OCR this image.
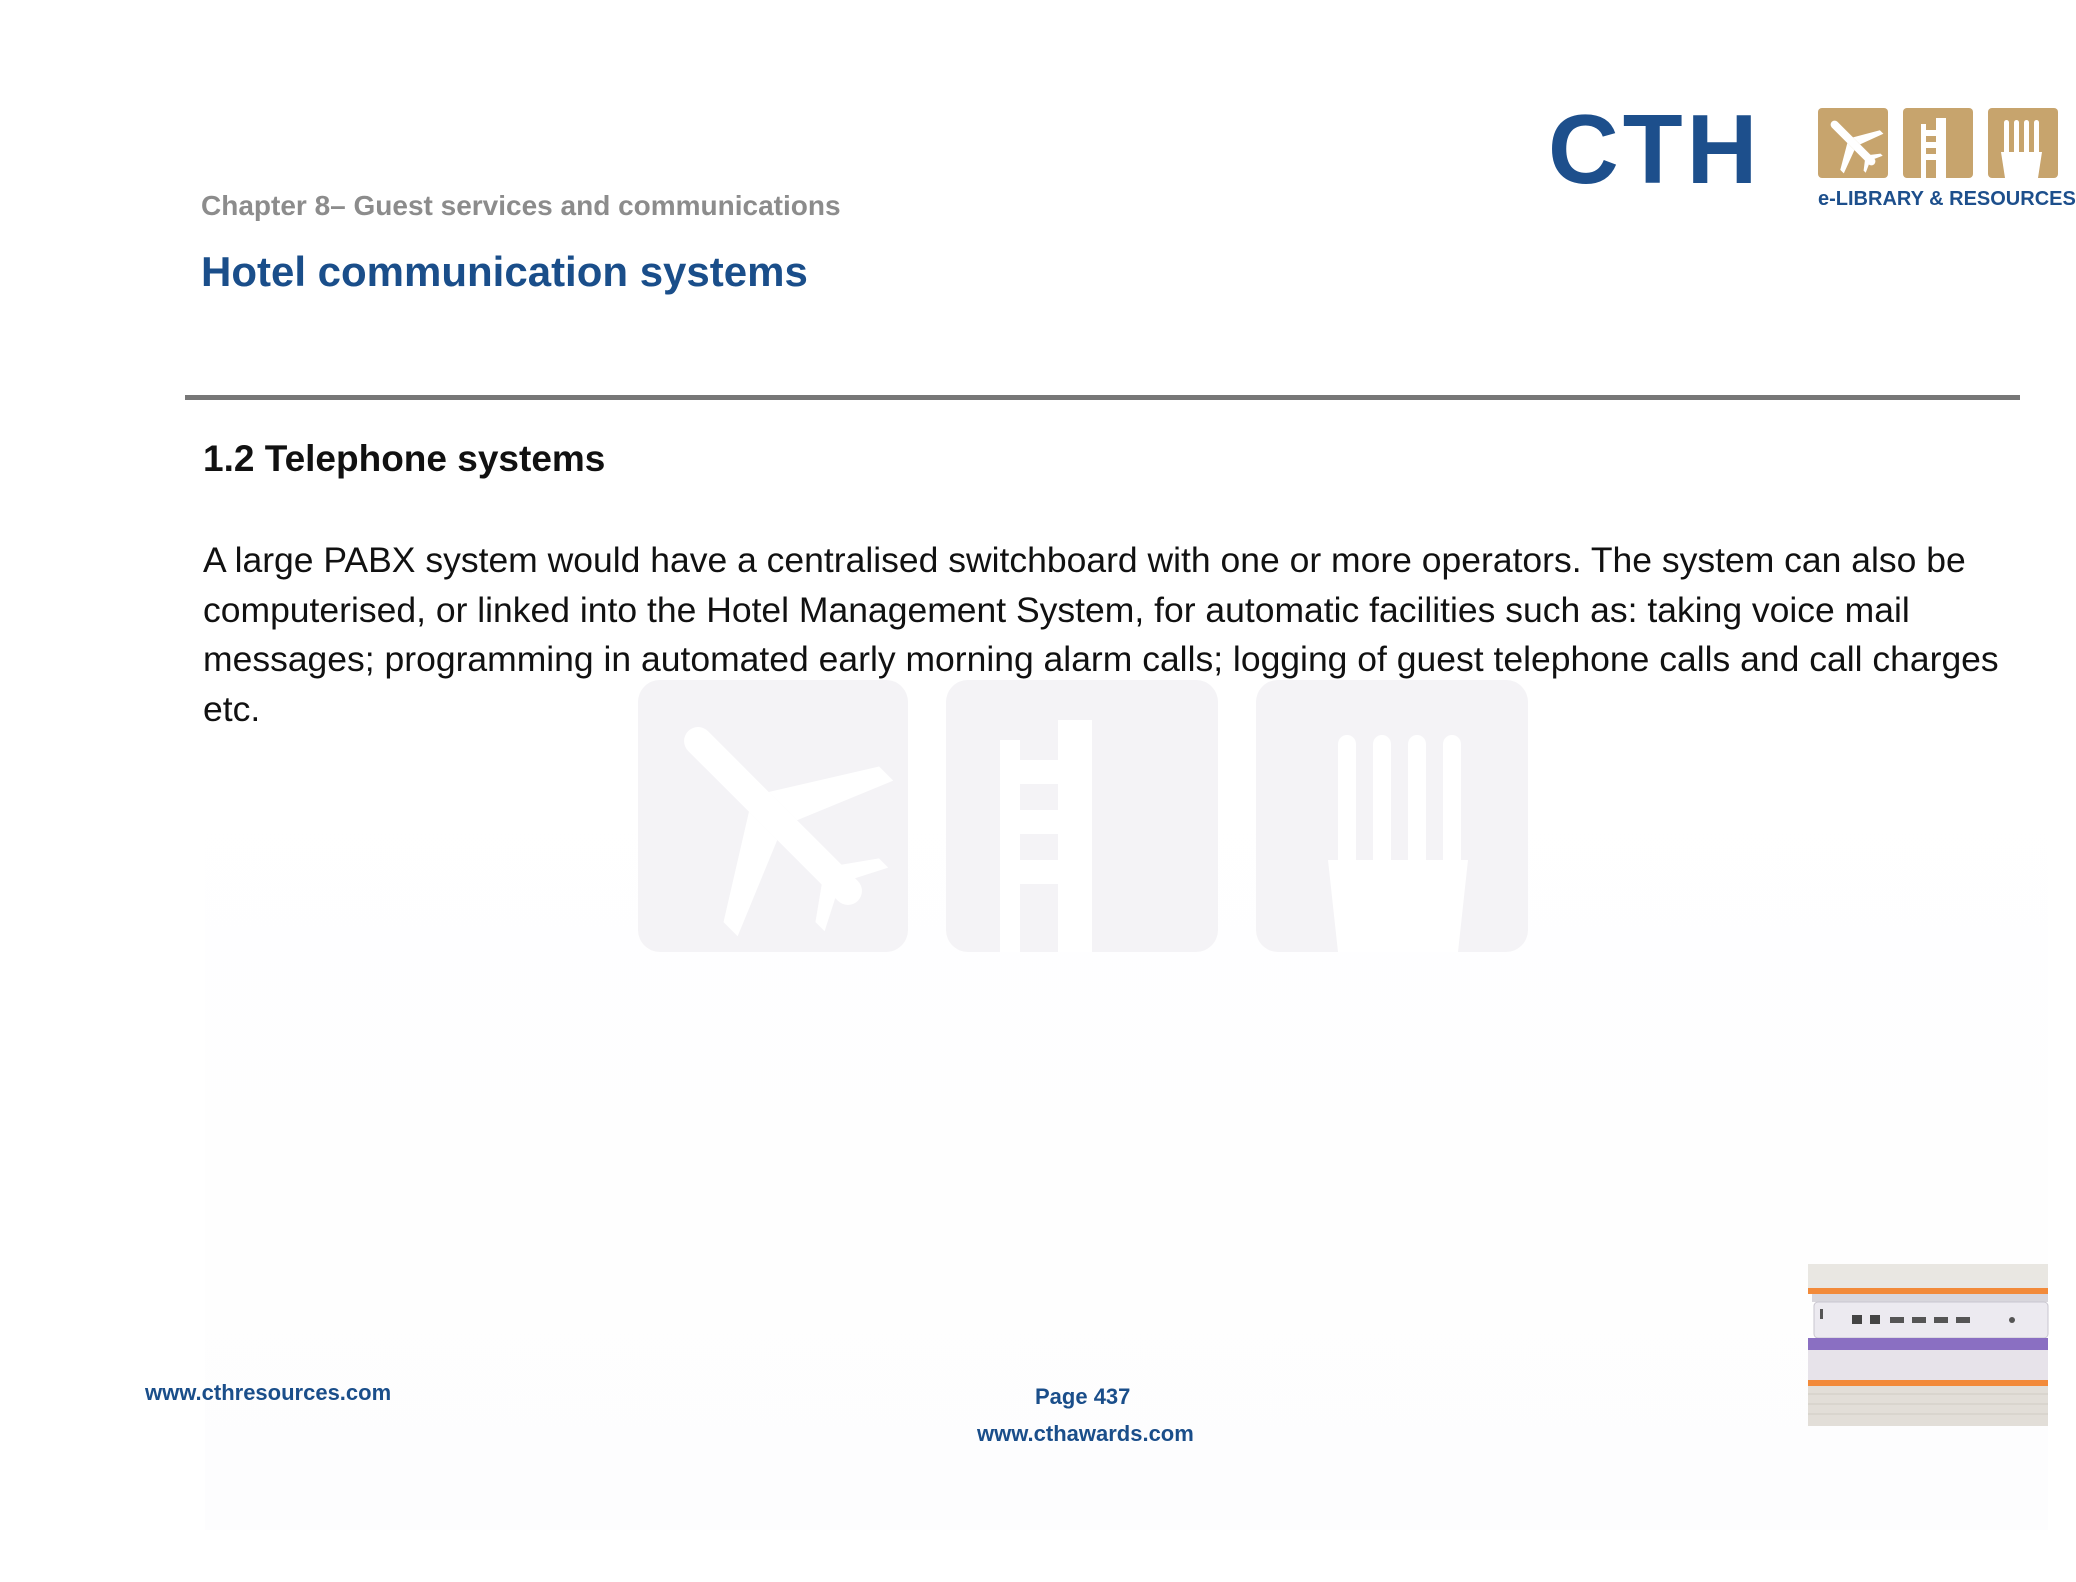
CTH	e-LIBRARY & RESOURCES
Chapter 8– Guest services and communications
Hotel communication systems
1.2 Telephone systems

A large PABX system would have a centralised switchboard with one or more operators. The system can also be computerised, or linked into the Hotel Management System, for automatic facilities such as: taking voice mail messages; programming in automated early morning alarm calls; logging of guest telephone calls and call charges etc.

www.cthresources.com	Page 437
www.cthawards.com
